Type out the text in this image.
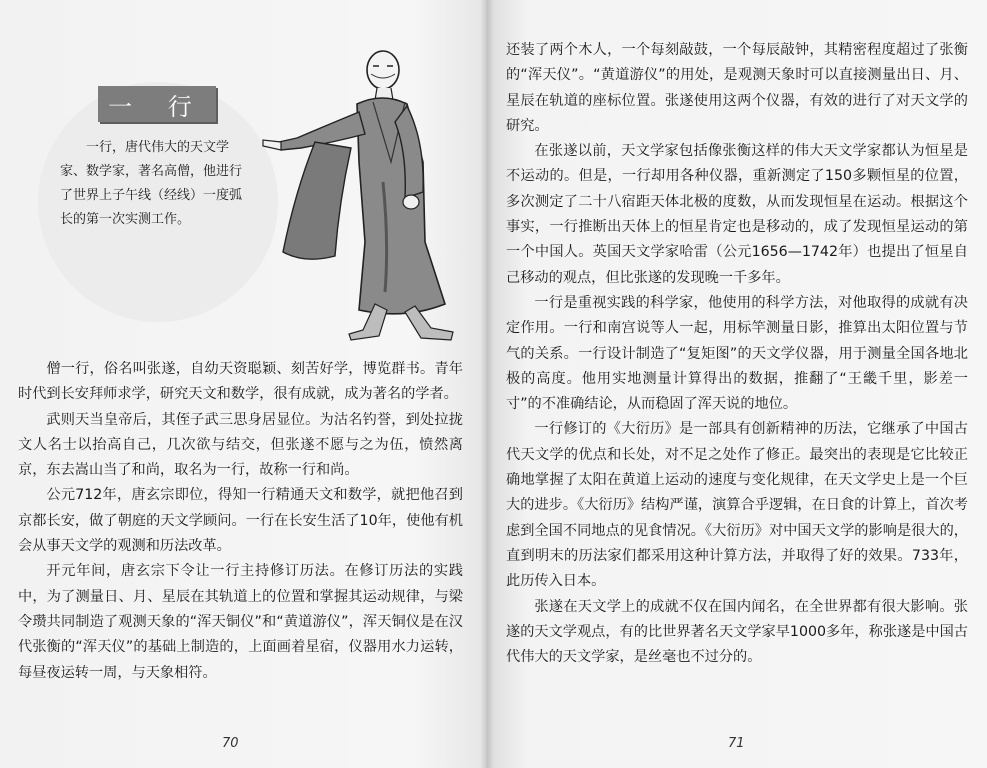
一 行

一行，唐代伟大的天文学家、数学家，著名高僧，他进行了世界上子午线（经线）一度弧长的第一次实测工作。

僧一行，俗名叫张遂，自幼天资聪颖、刻苦好学，博览群书。青年时代到长安拜师求学，研究天文和数学，很有成就，成为著名的学者。

武则天当皇帝后，其侄子武三思身居显位。为沽名钓誉，到处拉拢文人名士以抬高自己，几次欲与结交，但张遂不愿与之为伍，愤然离京，东去嵩山当了和尚，取名为一行，故称一行和尚。

公元712年，唐玄宗即位，得知一行精通天文和数学，就把他召到京都长安，做了朝庭的天文学顾问。一行在长安生活了10年，使他有机会从事天文学的观测和历法改革。

开元年间，唐玄宗下令让一行主持修订历法。在修订历法的实践中，为了测量日、月、星辰在其轨道上的位置和掌握其运动规律，与梁令瓒共同制造了观测天象的“浑天铜仪”和“黄道游仪”，浑天铜仪是在汉代张衡的“浑天仪”的基础上制造的，上面画着星宿，仪器用水力运转，每昼夜运转一周，与天象相符。

70

还装了两个木人，一个每刻敲鼓，一个每辰敲钟，其精密程度超过了张衡的“浑天仪”。“黄道游仪”的用处，是观测天象时可以直接测量出日、月、星辰在轨道的座标位置。张遂使用这两个仪器，有效的进行了对天文学的研究。

在张遂以前，天文学家包括像张衡这样的伟大天文学家都认为恒星是不运动的。但是，一行却用各种仪器，重新测定了150多颗恒星的位置，多次测定了二十八宿距天体北极的度数，从而发现恒星在运动。根据这个事实，一行推断出天体上的恒星肯定也是移动的，成了发现恒星运动的第一个中国人。英国天文学家哈雷（公元1656—1742年）也提出了恒星自己移动的观点，但比张遂的发现晚一千多年。

一行是重视实践的科学家，他使用的科学方法，对他取得的成就有决定作用。一行和南宫说等人一起，用标竿测量日影，推算出太阳位置与节气的关系。一行设计制造了“复矩图”的天文学仪器，用于测量全国各地北极的高度。他用实地测量计算得出的数据，推翻了“王畿千里，影差一寸”的不准确结论，从而稳固了浑天说的地位。

一行修订的《大衍历》是一部具有创新精神的历法，它继承了中国古代天文学的优点和长处，对不足之处作了修正。最突出的表现是它比较正确地掌握了太阳在黄道上运动的速度与变化规律，在天文学史上是一个巨大的进步。《大衍历》结构严谨，演算合乎逻辑，在日食的计算上，首次考虑到全国不同地点的见食情况。《大衍历》对中国天文学的影响是很大的，直到明末的历法家们都采用这种计算方法，并取得了好的效果。733年，此历传入日本。

张遂在天文学上的成就不仅在国内闻名，在全世界都有很大影响。张遂的天文学观点，有的比世界著名天文学家早1000多年，称张遂是中国古代伟大的天文学家，是丝毫也不过分的。

71
